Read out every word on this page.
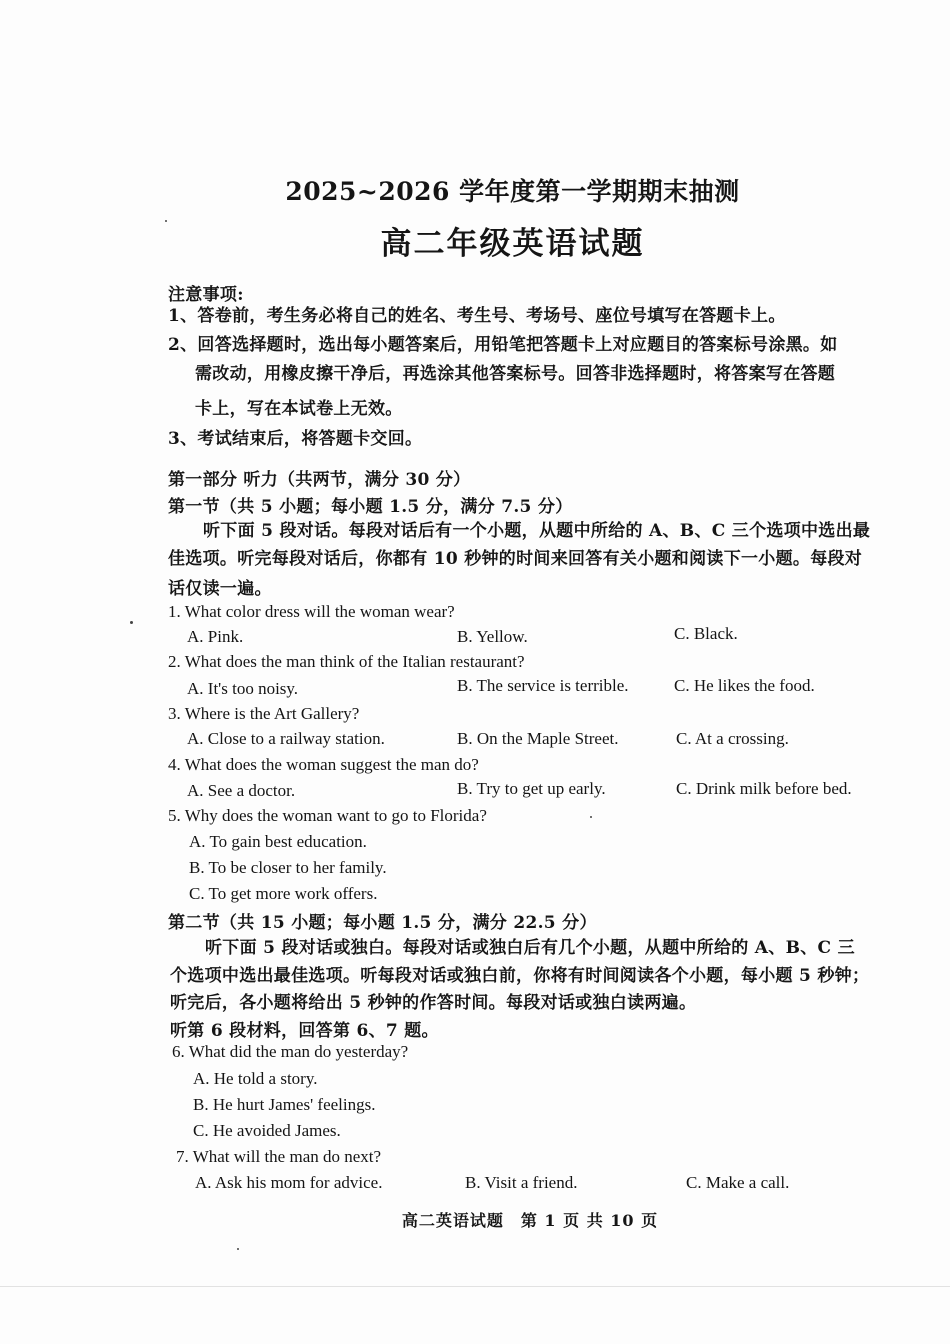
2025~2026 学年度第一学期期末抽测
高二年级英语试题
注意事项:
1、答卷前，考生务必将自己的姓名、考生号、考场号、座位号填写在答题卡上。
2、回答选择题时，选出每小题答案后，用铅笔把答题卡上对应题目的答案标号涂黑。如
需改动，用橡皮擦干净后，再选涂其他答案标号。回答非选择题时，将答案写在答题
卡上，写在本试卷上无效。
3、考试结束后，将答题卡交回。
第一部分 听力（共两节，满分 30 分）
第一节（共 5 小题；每小题 1.5 分，满分 7.5 分）
听下面 5 段对话。每段对话后有一个小题，从题中所给的 A、B、C 三个选项中选出最
佳选项。听完每段对话后，你都有 10 秒钟的时间来回答有关小题和阅读下一小题。每段对
话仅读一遍。
1. What color dress will the woman wear?
A. Pink.	B. Yellow.	C. Black.
2. What does the man think of the Italian restaurant?
A. It's too noisy.	B. The service is terrible.	C. He likes the food.
3. Where is the Art Gallery?
A. Close to a railway station.	B. On the Maple Street.	C. At a crossing.
4. What does the woman suggest the man do?
A. See a doctor.	B. Try to get up early.	C. Drink milk before bed.
5. Why does the woman want to go to Florida?
A. To gain best education.
B. To be closer to her family.
C. To get more work offers.
第二节（共 15 小题；每小题 1.5 分，满分 22.5 分）
听下面 5 段对话或独白。每段对话或独白后有几个小题，从题中所给的 A、B、C 三
个选项中选出最佳选项。听每段对话或独白前，你将有时间阅读各个小题，每小题 5 秒钟；
听完后，各小题将给出 5 秒钟的作答时间。每段对话或独白读两遍。
听第 6 段材料，回答第 6、7 题。
6. What did the man do yesterday?
A. He told a story.
B. He hurt James' feelings.
C. He avoided James.
7. What will the man do next?
A. Ask his mom for advice.	B. Visit a friend.	C. Make a call.
高二英语试题　第 1 页 共 10 页
